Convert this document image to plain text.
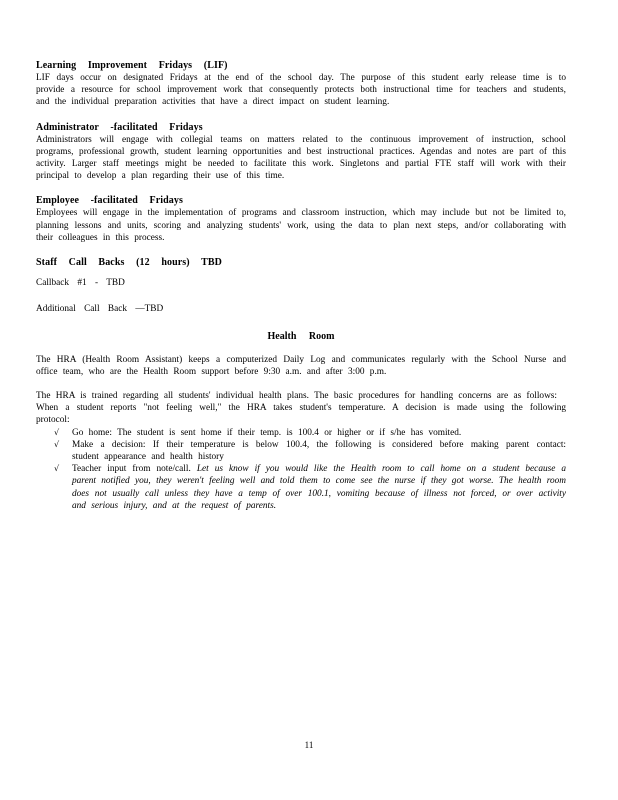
Learning Improvement Fridays (LIF)

LIF days occur on designated Fridays at the end of the school day. The purpose of this student early release time is to provide a resource for school improvement work that consequently protects both instructional time for teachers and students, and the individual preparation activities that have a direct impact on student learning.

Administrator -facilitated Fridays

Administrators will engage with collegial teams on matters related to the continuous improvement of instruction, school programs, professional growth, student learning opportunities and best instructional practices. Agendas and notes are part of this activity. Larger staff meetings might be needed to facilitate this work. Singletons and partial FTE staff will work with their principal to develop a plan regarding their use of this time.

Employee -facilitated Fridays

Employees will engage in the implementation of programs and classroom instruction, which may include but not be limited to, planning lessons and units, scoring and analyzing students' work, using the data to plan next steps, and/or collaborating with their colleagues in this process.

Staff Call Backs (12 hours) TBD

Callback #1 - TBD

Additional Call Back —TBD

Health Room

The HRA (Health Room Assistant) keeps a computerized Daily Log and communicates regularly with the School Nurse and office team, who are the Health Room support before 9:30 a.m. and after 3:00 p.m.

The HRA is trained regarding all students' individual health plans. The basic procedures for handling concerns are as follows:

When a student reports "not feeling well," the HRA takes student's temperature. A decision is made using the following protocol:

√ Go home: The student is sent home if their temp. is 100.4 or higher or if s/he has vomited.
√ Make a decision: If their temperature is below 100.4, the following is considered before making parent contact: student appearance and health history
√ Teacher input from note/call. Let us know if you would like the Health room to call home on a student because a parent notified you, they weren't feeling well and told them to come see the nurse if they got worse. The health room does not usually call unless they have a temp of over 100.1, vomiting because of illness not forced, or over activity and serious injury, and at the request of parents.
11
